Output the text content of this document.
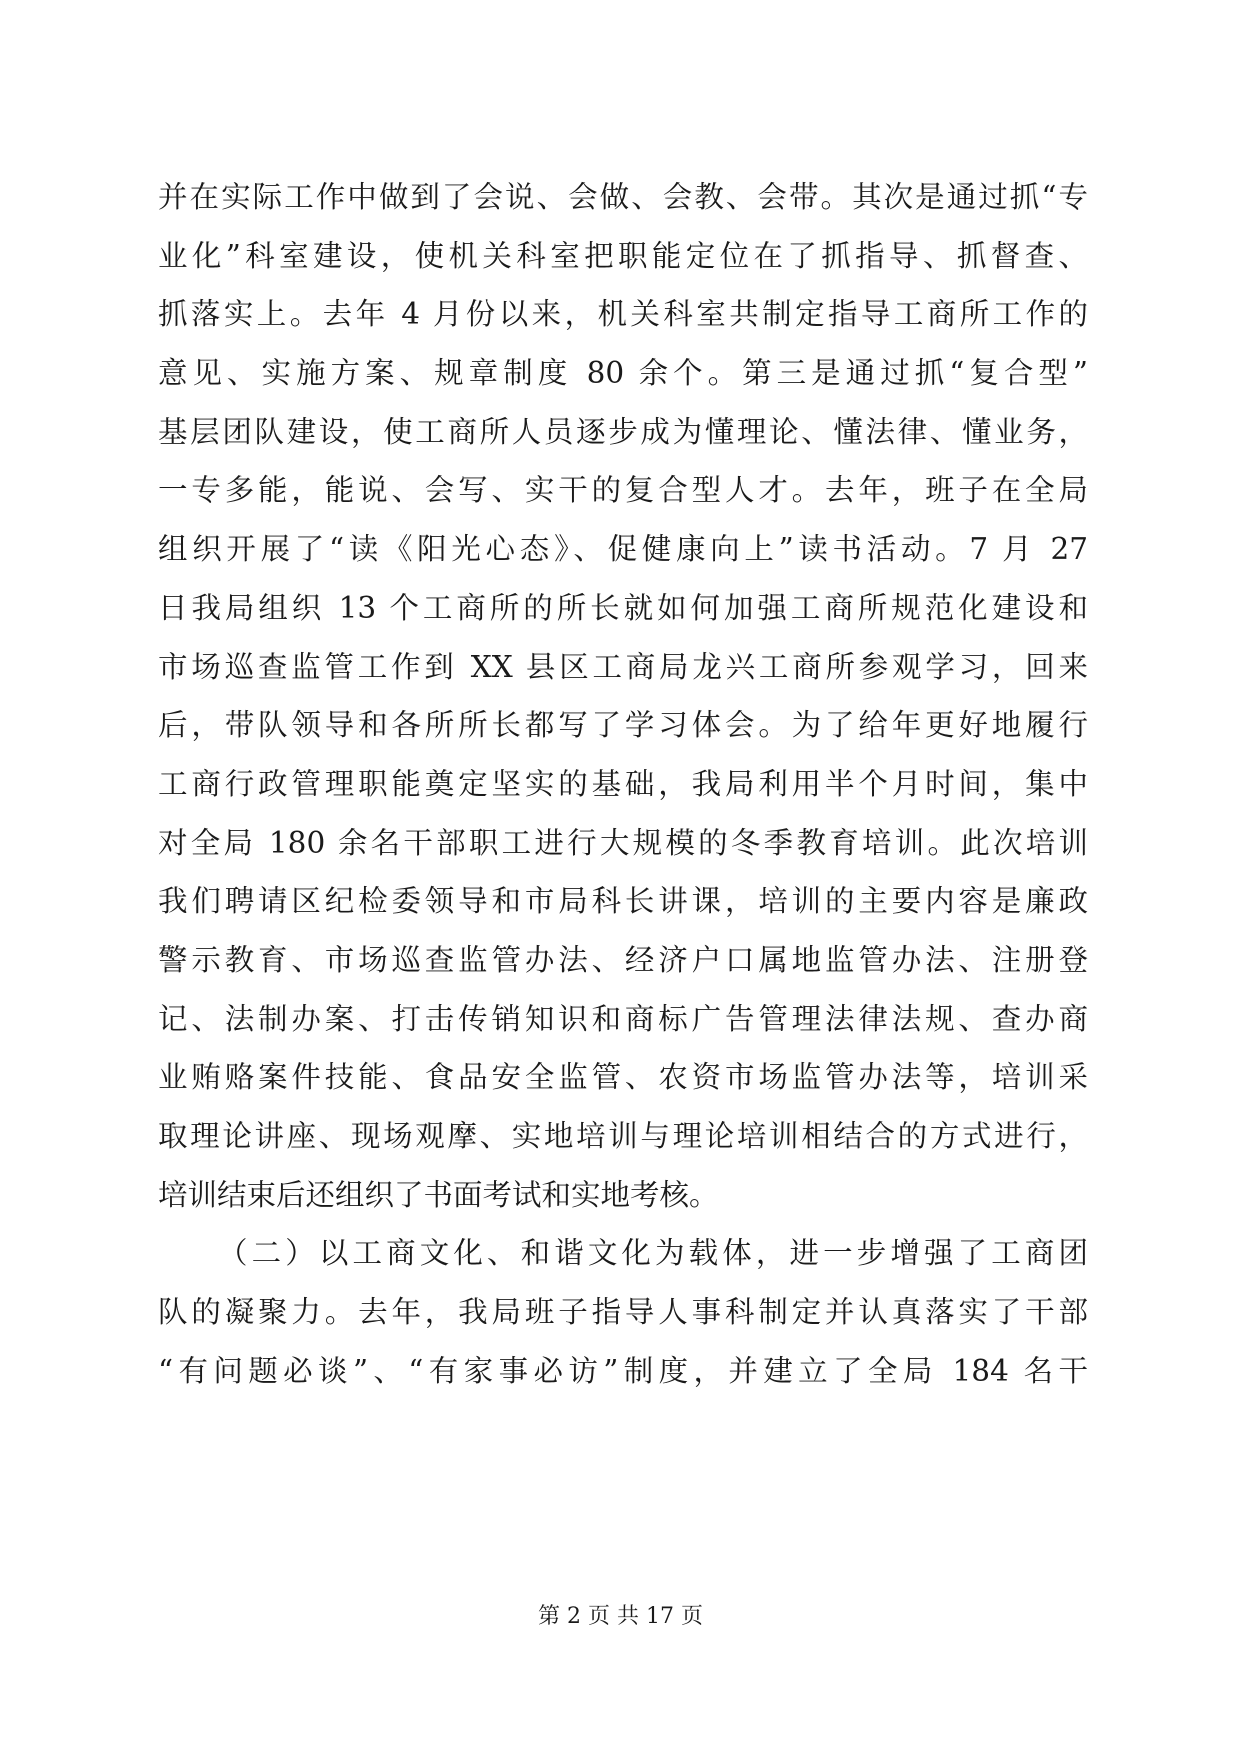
并在实际工作中做到了会说、会做、会教、会带。其次是通过抓“专
业化”科室建设，使机关科室把职能定位在了抓指导、抓督查、
抓落实上。去年 4 月份以来，机关科室共制定指导工商所工作的
意见、实施方案、规章制度 80 余个。第三是通过抓“复合型”
基层团队建设，使工商所人员逐步成为懂理论、懂法律、懂业务，
一专多能，能说、会写、实干的复合型人才。去年，班子在全局
组织开展了“读《阳光心态》、促健康向上”读书活动。7 月 27
日我局组织 13 个工商所的所长就如何加强工商所规范化建设和
市场巡查监管工作到 XX 县区工商局龙兴工商所参观学习，回来
后，带队领导和各所所长都写了学习体会。为了给年更好地履行
工商行政管理职能奠定坚实的基础，我局利用半个月时间，集中
对全局 180 余名干部职工进行大规模的冬季教育培训。此次培训
我们聘请区纪检委领导和市局科长讲课，培训的主要内容是廉政
警示教育、市场巡查监管办法、经济户口属地监管办法、注册登
记、法制办案、打击传销知识和商标广告管理法律法规、查办商
业贿赂案件技能、食品安全监管、农资市场监管办法等，培训采
取理论讲座、现场观摩、实地培训与理论培训相结合的方式进行，
培训结束后还组织了书面考试和实地考核。
（二）以工商文化、和谐文化为载体，进一步增强了工商团
队的凝聚力。去年，我局班子指导人事科制定并认真落实了干部
“有问题必谈”、“有家事必访”制度，并建立了全局 184 名干
第 2 页 共 17 页
